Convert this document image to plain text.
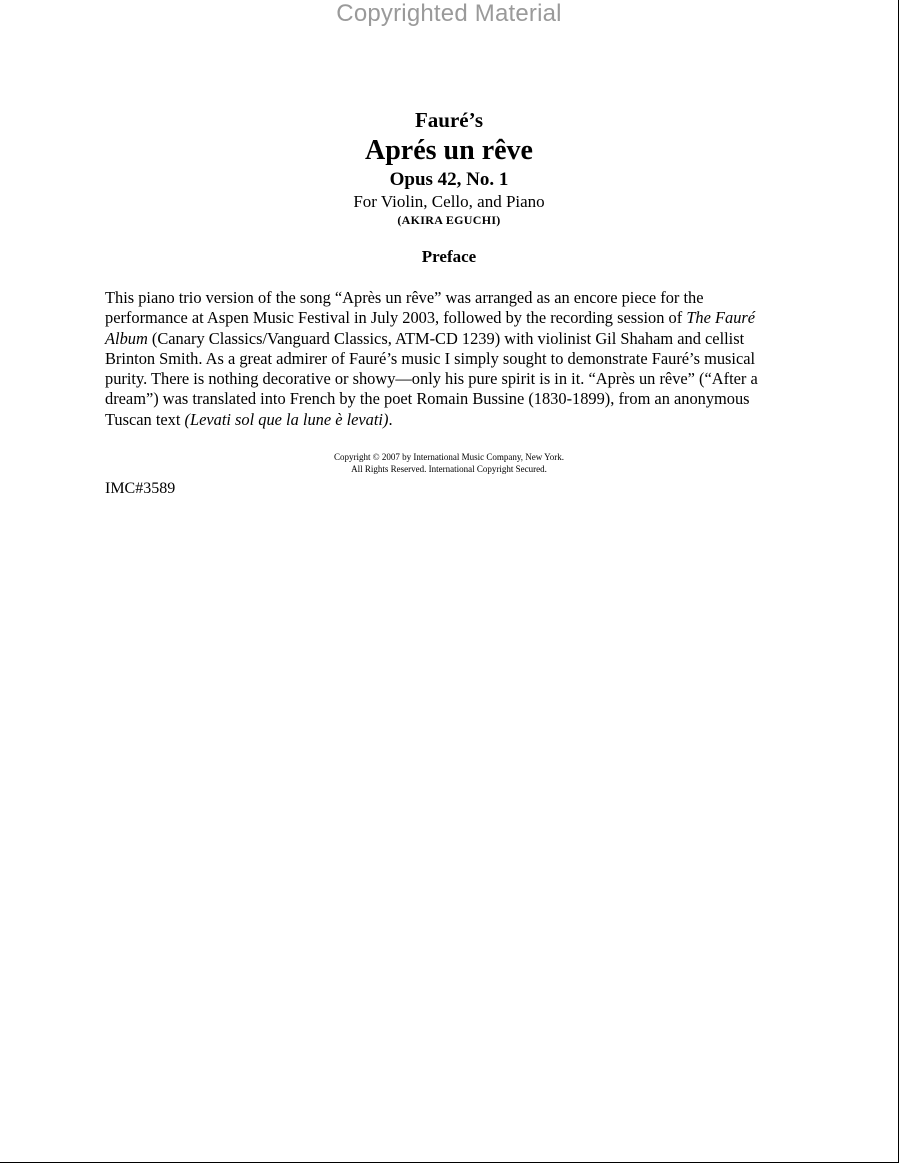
Copyrighted Material
Fauré’s
Aprés un rêve
Opus 42, No. 1
For Violin, Cello, and Piano
(AKIRA EGUCHI)
Preface
This piano trio version of the song “Après un rêve” was arranged as an encore piece for the performance at Aspen Music Festival in July 2003, followed by the recording session of The Fauré Album (Canary Classics/Vanguard Classics, ATM-CD 1239) with violinist Gil Shaham and cellist Brinton Smith. As a great admirer of Fauré’s music I simply sought to demonstrate Fauré’s musical purity. There is nothing decorative or showy—only his pure spirit is in it. “Après un rêve” (“After a dream”) was translated into French by the poet Romain Bussine (1830-1899), from an anonymous Tuscan text (Levati sol que la lune è levati).
Copyright © 2007 by International Music Company, New York.
All Rights Reserved. International Copyright Secured.
IMC#3589
